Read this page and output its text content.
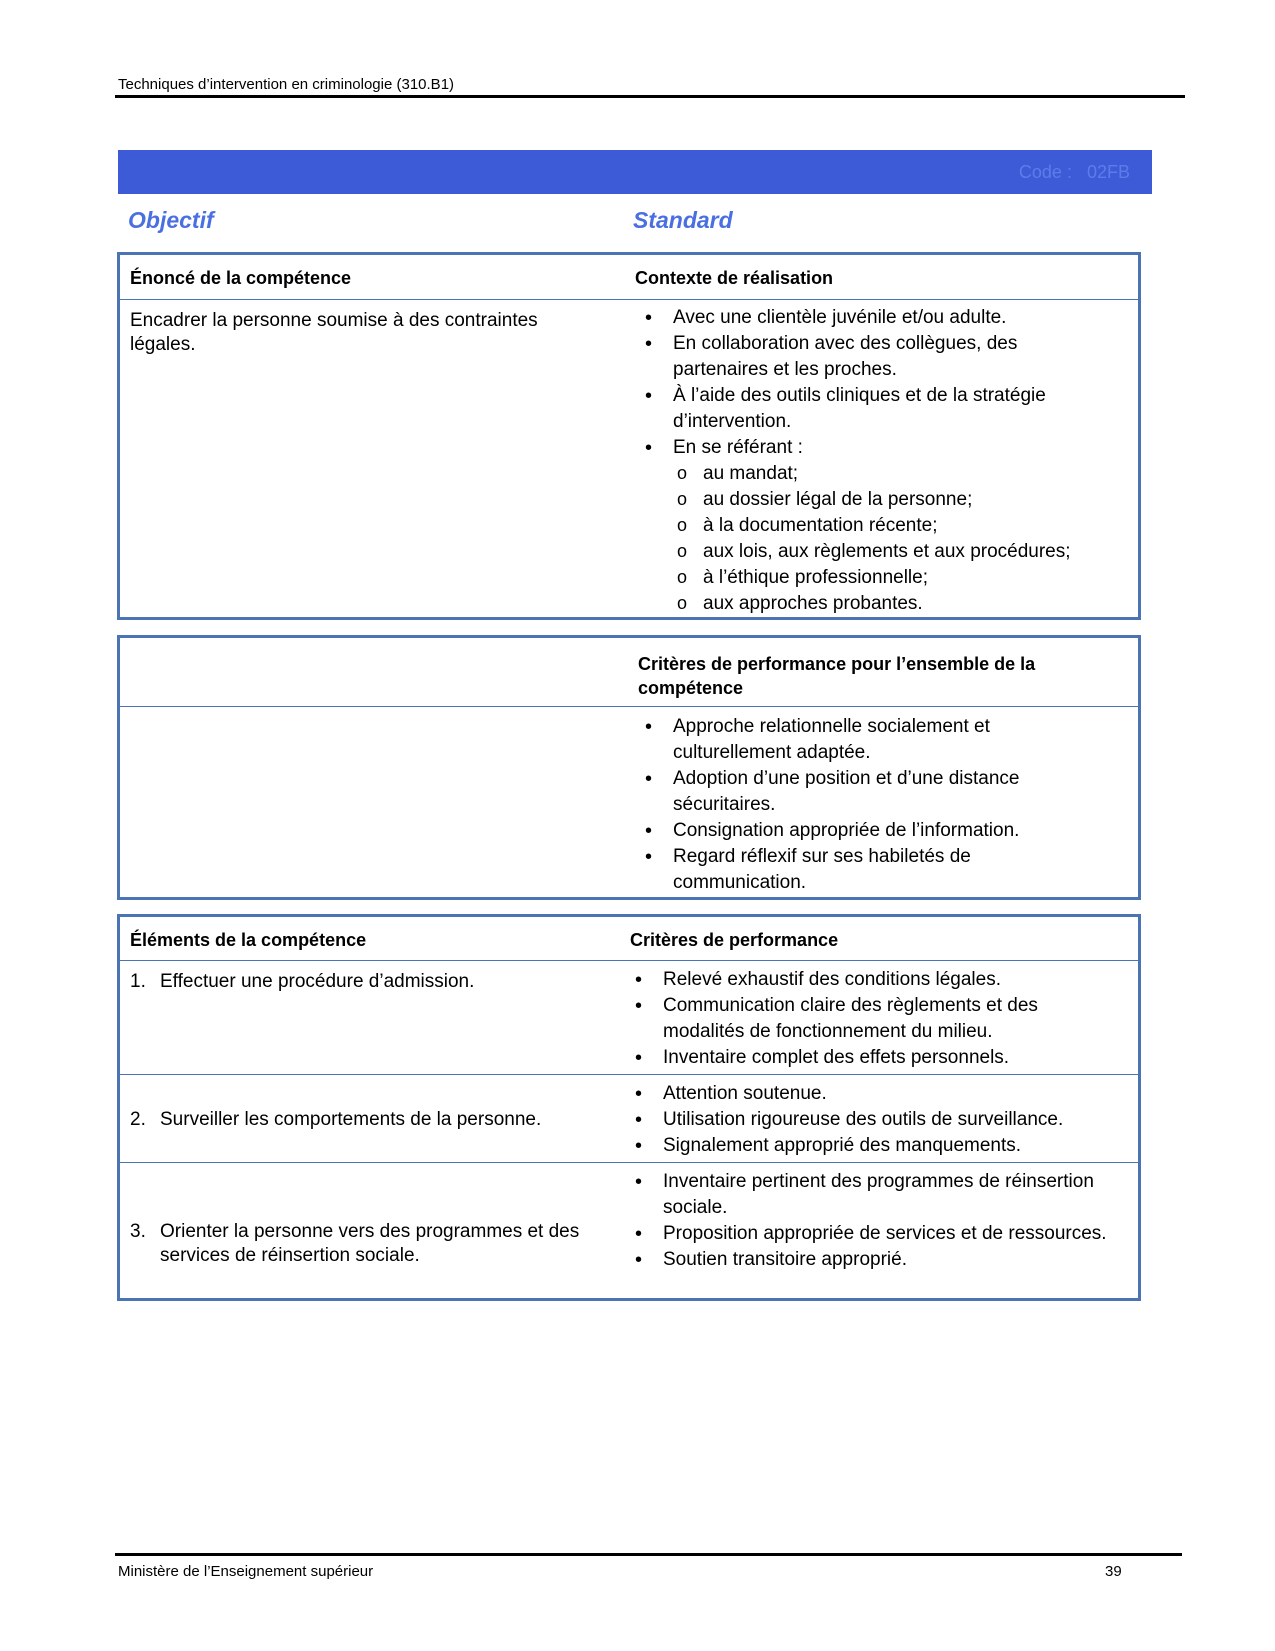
Techniques d’intervention en criminologie (310.B1)
Code : 02FB
Objectif	Standard
Énoncé de la compétence	Contexte de réalisation
Encadrer la personne soumise à des contraintes légales.
• Avec une clientèle juvénile et/ou adulte.
• En collaboration avec des collègues, des partenaires et les proches.
• À l’aide des outils cliniques et de la stratégie d’intervention.
• En se référant :
o au mandat;
o au dossier légal de la personne;
o à la documentation récente;
o aux lois, aux règlements et aux procédures;
o à l’éthique professionnelle;
o aux approches probantes.
Critères de performance pour l’ensemble de la compétence
• Approche relationnelle socialement et culturellement adaptée.
• Adoption d’une position et d’une distance sécuritaires.
• Consignation appropriée de l’information.
• Regard réflexif sur ses habiletés de communication.
Éléments de la compétence	Critères de performance
1. Effectuer une procédure d’admission.
•	Relevé exhaustif des conditions légales.
• Communication claire des règlements et des modalités de fonctionnement du milieu.
• Inventaire complet des effets personnels.
2. Surveiller les comportements de la personne.
• Attention soutenue.
• Utilisation rigoureuse des outils de surveillance.
• Signalement approprié des manquements.
3. Orienter la personne vers des programmes et des services de réinsertion sociale.
• Inventaire pertinent des programmes de réinsertion sociale.
• Proposition appropriée de services et de ressources.
• Soutien transitoire approprié.
Ministère de l’Enseignement supérieur	39
